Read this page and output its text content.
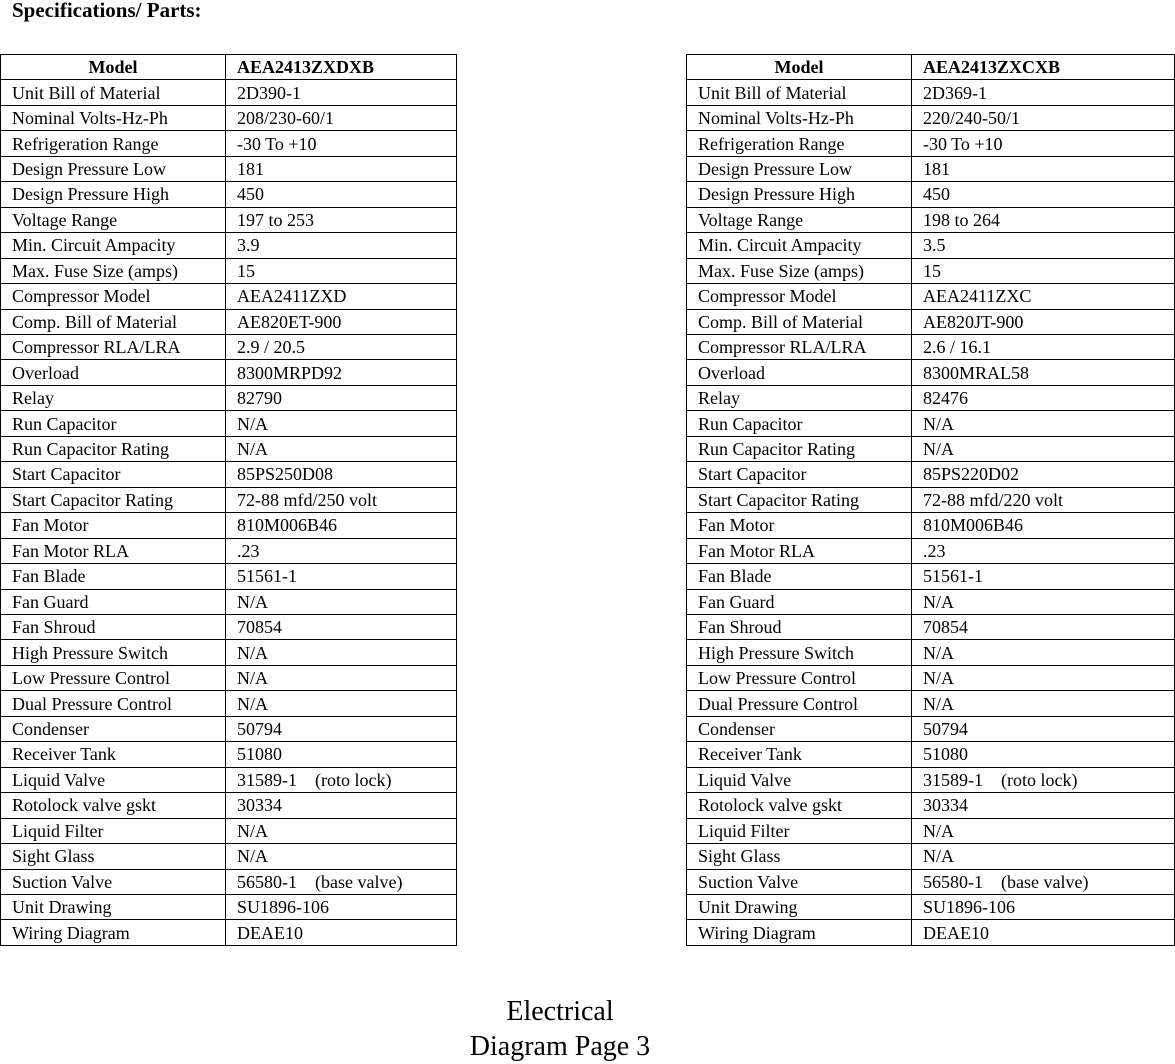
Specifications/ Parts:
Model	AEA2413ZXDXB
Unit Bill of Material	2D390-1
Nominal Volts-Hz-Ph	208/230-60/1
Refrigeration Range	-30 To +10
Design Pressure Low	181
Design Pressure High	450
Voltage Range	197 to 253
Min. Circuit Ampacity	3.9
Max. Fuse Size (amps)	15
Compressor Model	AEA2411ZXD
Comp. Bill of Material	AE820ET-900
Compressor RLA/LRA	2.9 / 20.5
Overload	8300MRPD92
Relay	82790
Run Capacitor	N/A
Run Capacitor Rating	N/A
Start Capacitor	85PS250D08
Start Capacitor Rating	72-88 mfd/250 volt
Fan Motor	810M006B46
Fan Motor RLA	.23
Fan Blade	51561-1
Fan Guard	N/A
Fan Shroud	70854
High Pressure Switch	N/A
Low Pressure Control	N/A
Dual Pressure Control	N/A
Condenser	50794
Receiver Tank	51080
Liquid Valve	31589-1    (roto lock)
Rotolock valve gskt	30334
Liquid Filter	N/A
Sight Glass	N/A
Suction Valve	56580-1    (base valve)
Unit Drawing	SU1896-106
Wiring Diagram	DEAE10
Model	AEA2413ZXCXB
Unit Bill of Material	2D369-1
Nominal Volts-Hz-Ph	220/240-50/1
Refrigeration Range	-30 To +10
Design Pressure Low	181
Design Pressure High	450
Voltage Range	198 to 264
Min. Circuit Ampacity	3.5
Max. Fuse Size (amps)	15
Compressor Model	AEA2411ZXC
Comp. Bill of Material	AE820JT-900
Compressor RLA/LRA	2.6 / 16.1
Overload	8300MRAL58
Relay	82476
Run Capacitor	N/A
Run Capacitor Rating	N/A
Start Capacitor	85PS220D02
Start Capacitor Rating	72-88 mfd/220 volt
Fan Motor	810M006B46
Fan Motor RLA	.23
Fan Blade	51561-1
Fan Guard	N/A
Fan Shroud	70854
High Pressure Switch	N/A
Low Pressure Control	N/A
Dual Pressure Control	N/A
Condenser	50794
Receiver Tank	51080
Liquid Valve	31589-1    (roto lock)
Rotolock valve gskt	30334
Liquid Filter	N/A
Sight Glass	N/A
Suction Valve	56580-1    (base valve)
Unit Drawing	SU1896-106
Wiring Diagram	DEAE10
Electrical
Diagram Page 3
